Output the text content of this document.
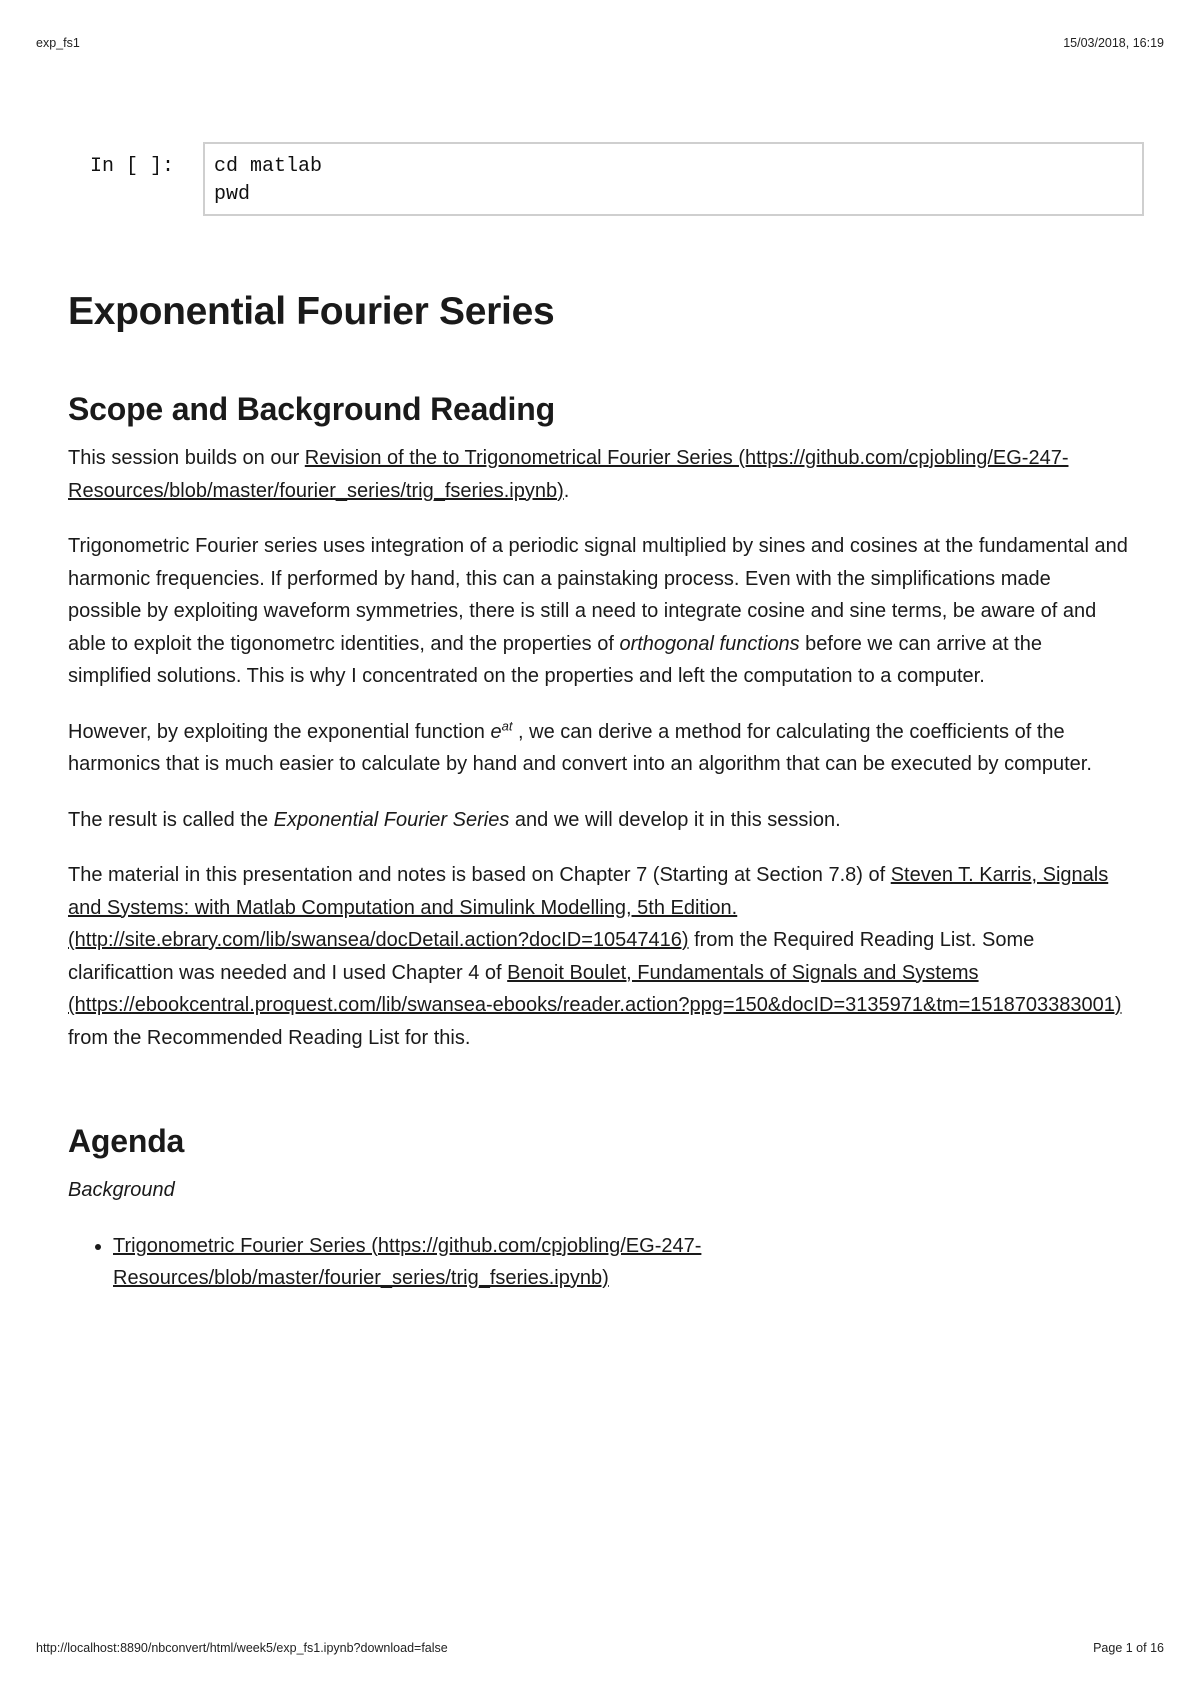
exp_fs1	15/03/2018, 16:19
In [ ]:	cd matlab
pwd
Exponential Fourier Series
Scope and Background Reading

This session builds on our Revision of the to Trigonometrical Fourier Series (https://github.com/cpjobling/EG-247-Resources/blob/master/fourier_series/trig_fseries.ipynb).

Trigonometric Fourier series uses integration of a periodic signal multiplied by sines and cosines at the fundamental and harmonic frequencies. If performed by hand, this can a painstaking process. Even with the simplifications made possible by exploiting waveform symmetries, there is still a need to integrate cosine and sine terms, be aware of and able to exploit the tigonometrc identities, and the properties of orthogonal functions before we can arrive at the simplified solutions. This is why I concentrated on the properties and left the computation to a computer.

However, by exploiting the exponential function $e^{at}$ , we can derive a method for calculating the coefficients of the harmonics that is much easier to calculate by hand and convert into an algorithm that can be executed by computer.

The result is called the Exponential Fourier Series and we will develop it in this session.

The material in this presentation and notes is based on Chapter 7 (Starting at Section 7.8) of Steven T. Karris, Signals and Systems: with Matlab Computation and Simulink Modelling, 5th Edition. (http://site.ebrary.com/lib/swansea/docDetail.action?docID=10547416) from the Required Reading List. Some clarificattion was needed and I used Chapter 4 of Benoit Boulet, Fundamentals of Signals and Systems (https://ebookcentral.proquest.com/lib/swansea-ebooks/reader.action?ppg=150&docID=3135971&tm=1518703383001) from the Recommended Reading List for this.

Agenda

Background

• Trigonometric Fourier Series (https://github.com/cpjobling/EG-247-Resources/blob/master/fourier_series/trig_fseries.ipynb)
http://localhost:8890/nbconvert/html/week5/exp_fs1.ipynb?download=false	Page 1 of 16
